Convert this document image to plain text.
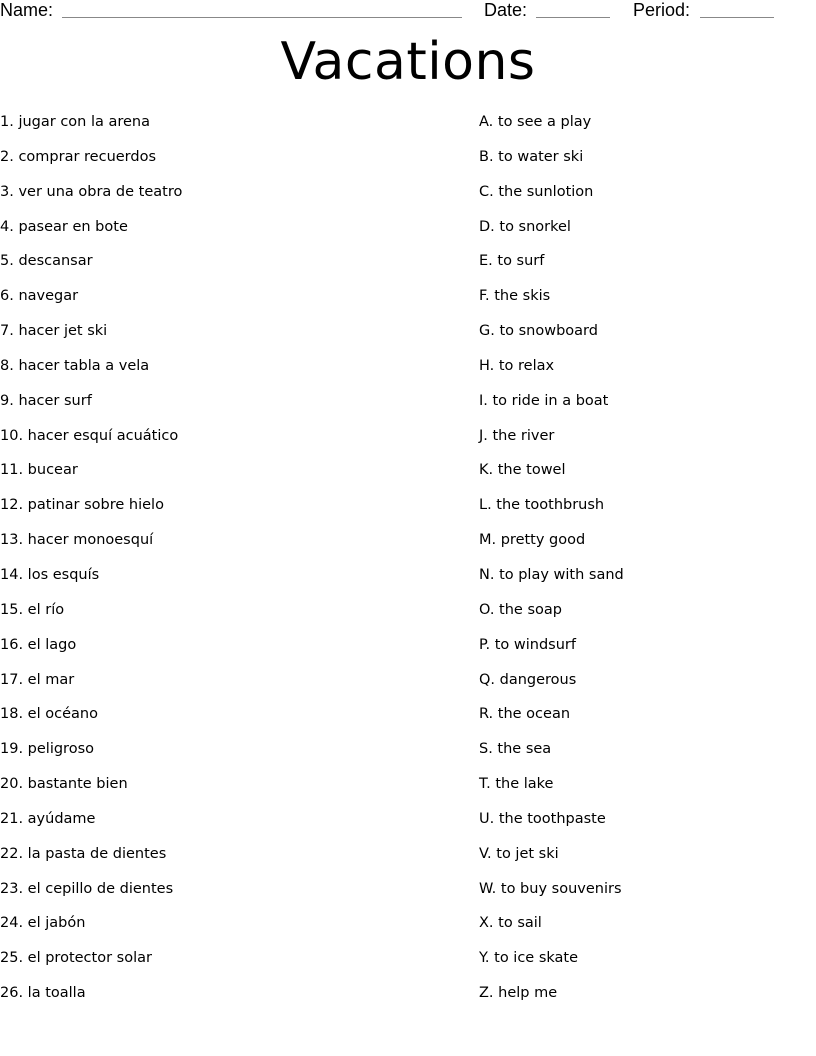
Name:	Date:	Period:
Vacations
1. jugar con la arena
2. comprar recuerdos
3. ver una obra de teatro
4. pasear en bote
5. descansar
6. navegar
7. hacer jet ski
8. hacer tabla a vela
9. hacer surf
10. hacer esquí acuático
11. bucear
12. patinar sobre hielo
13. hacer monoesquí
14. los esquís
15. el río
16. el lago
17. el mar
18. el océano
19. peligroso
20. bastante bien
21. ayúdame
22. la pasta de dientes
23. el cepillo de dientes
24. el jabón
25. el protector solar
26. la toalla
A. to see a play
B. to water ski
C. the sunlotion
D. to snorkel
E. to surf
F. the skis
G. to snowboard
H. to relax
I. to ride in a boat
J. the river
K. the towel
L. the toothbrush
M. pretty good
N. to play with sand
O. the soap
P. to windsurf
Q. dangerous
R. the ocean
S. the sea
T. the lake
U. the toothpaste
V. to jet ski
W. to buy souvenirs
X. to sail
Y. to ice skate
Z. help me
